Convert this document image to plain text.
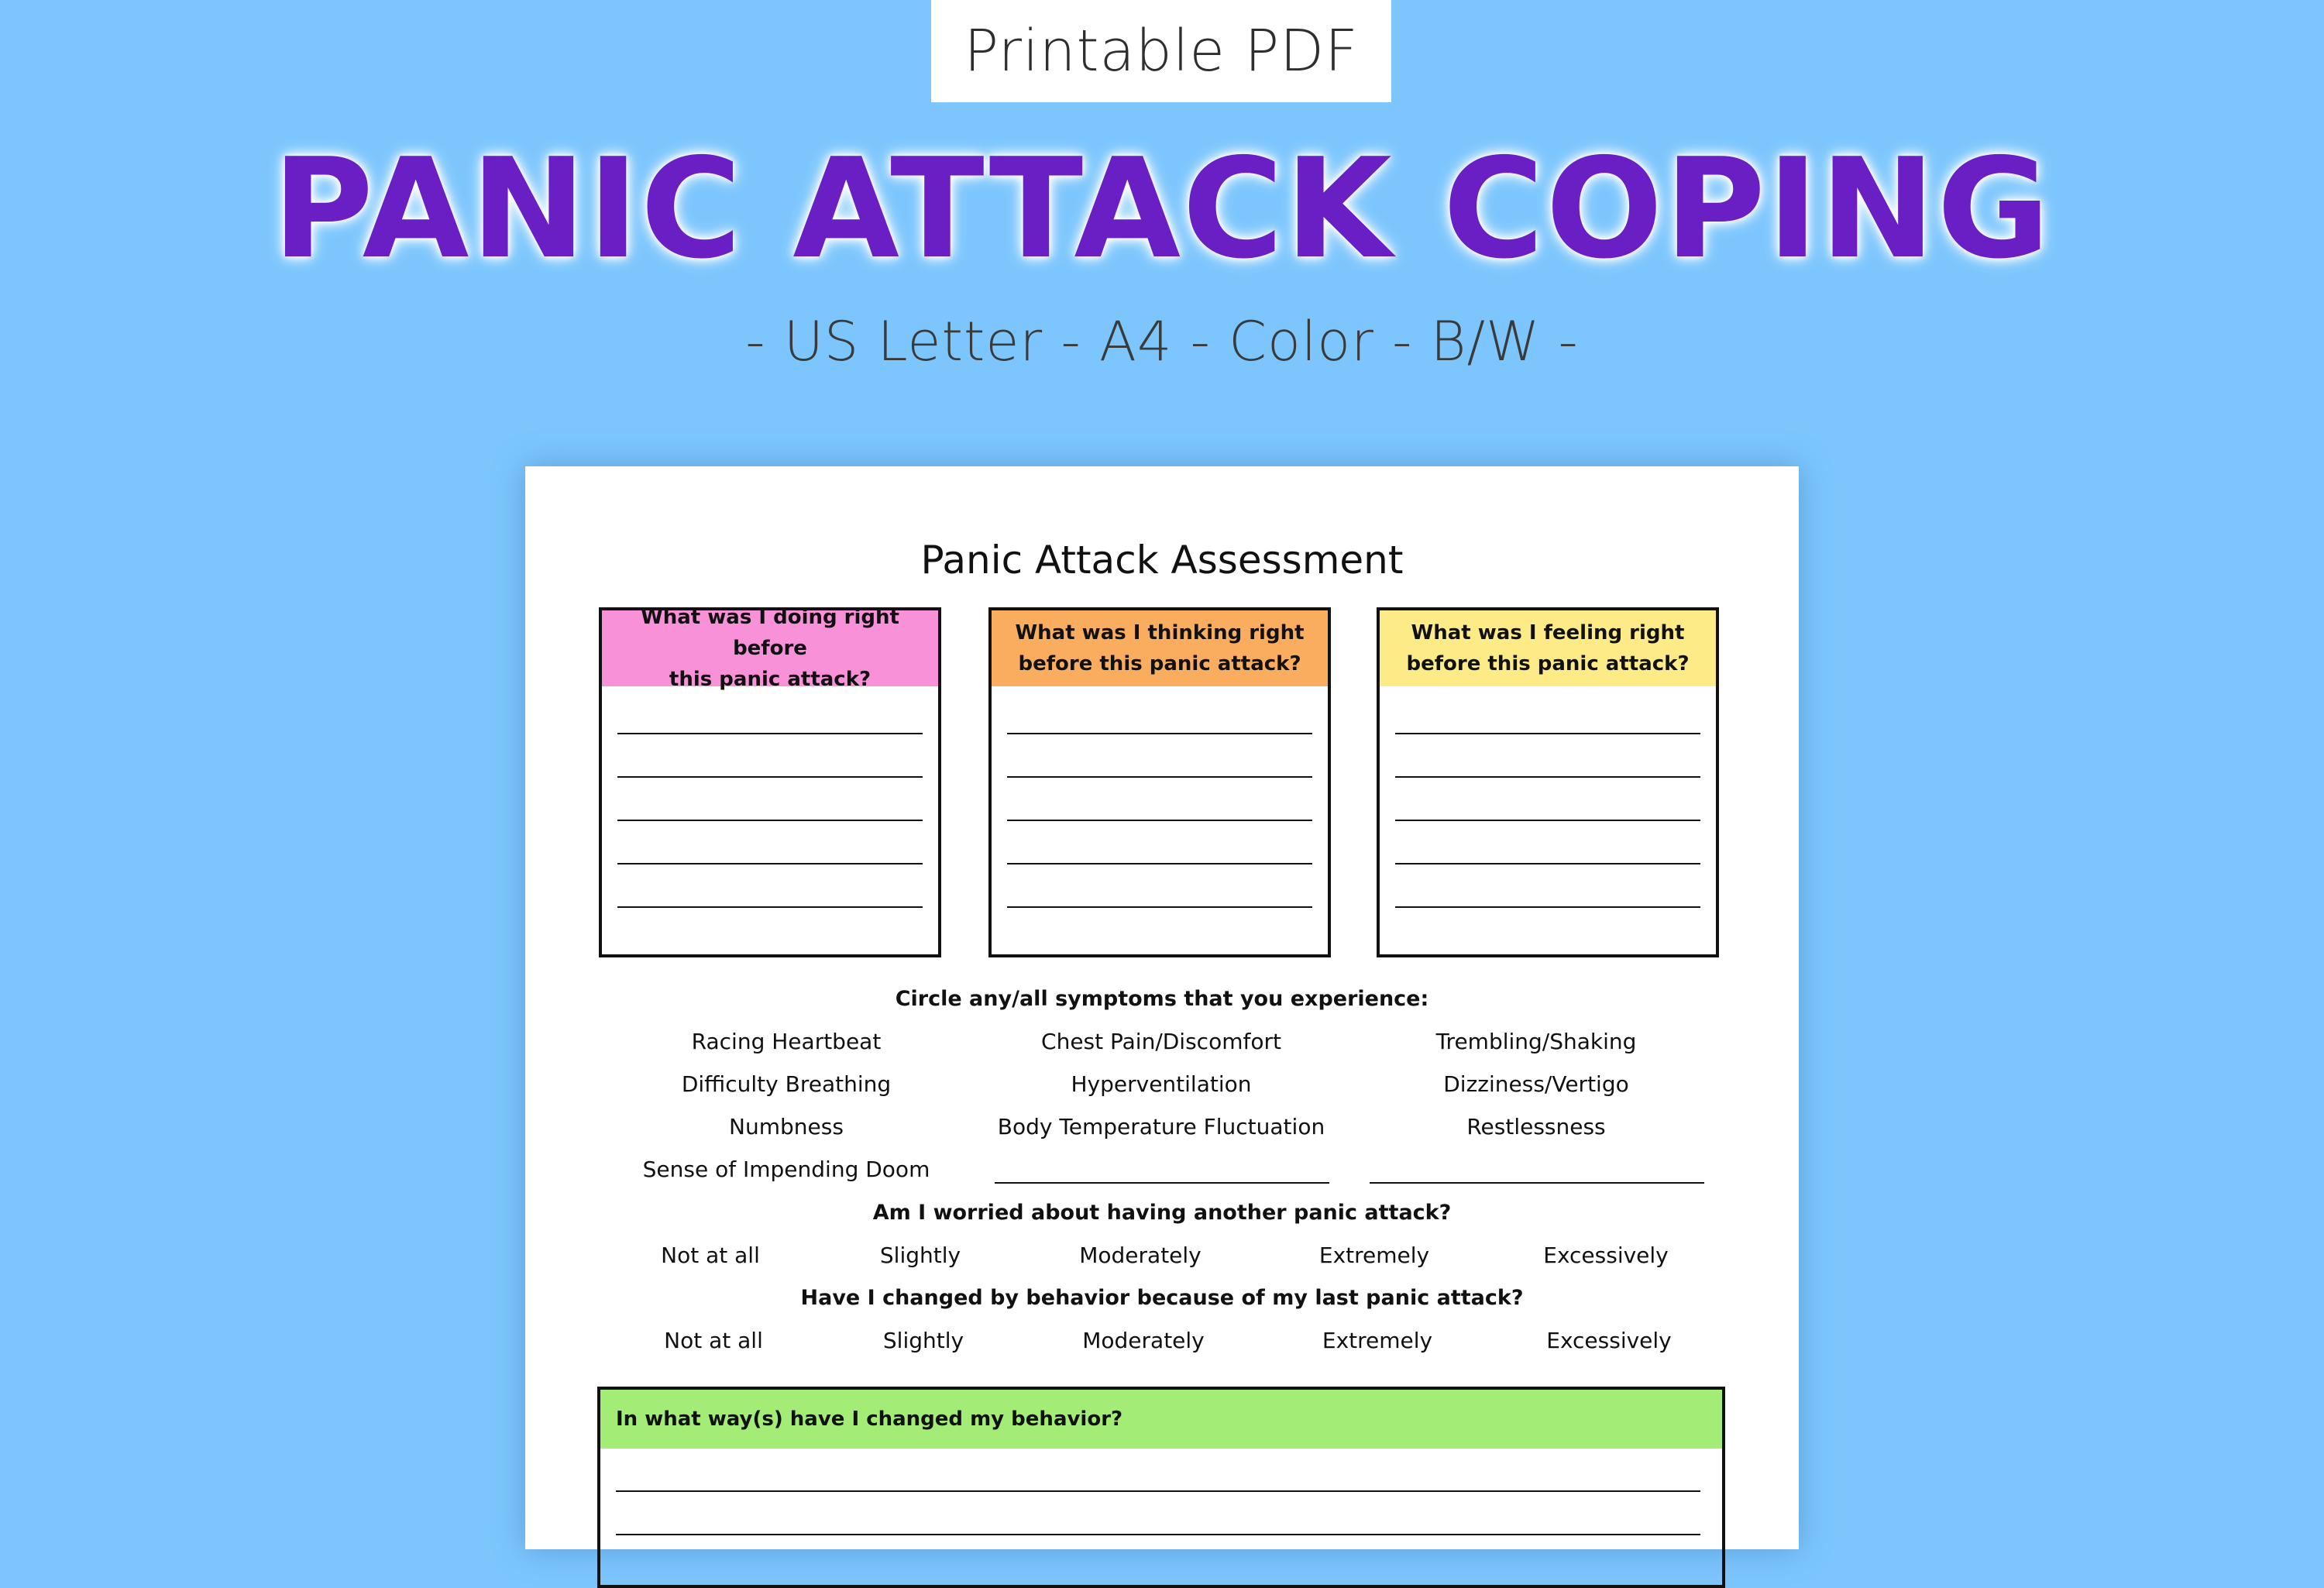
Printable PDF
PANIC ATTACK COPING
- US Letter - A4 - Color - B/W -
Panic Attack Assessment
What was I doing right before
this panic attack?
What was I thinking right
before this panic attack?
What was I feeling right
before this panic attack?
Circle any/all symptoms that you experience:
Racing Heartbeat	Chest Pain/Discomfort	Trembling/Shaking
Difficulty Breathing	Hyperventilation	Dizziness/Vertigo
Numbness	Body Temperature Fluctuation	Restlessness
Sense of Impending Doom
Am I worried about having another panic attack?
Not at all	Slightly	Moderately	Extremely	Excessively
Have I changed by behavior because of my last panic attack?
Not at all	Slightly	Moderately	Extremely	Excessively
In what way(s) have I changed my behavior?
